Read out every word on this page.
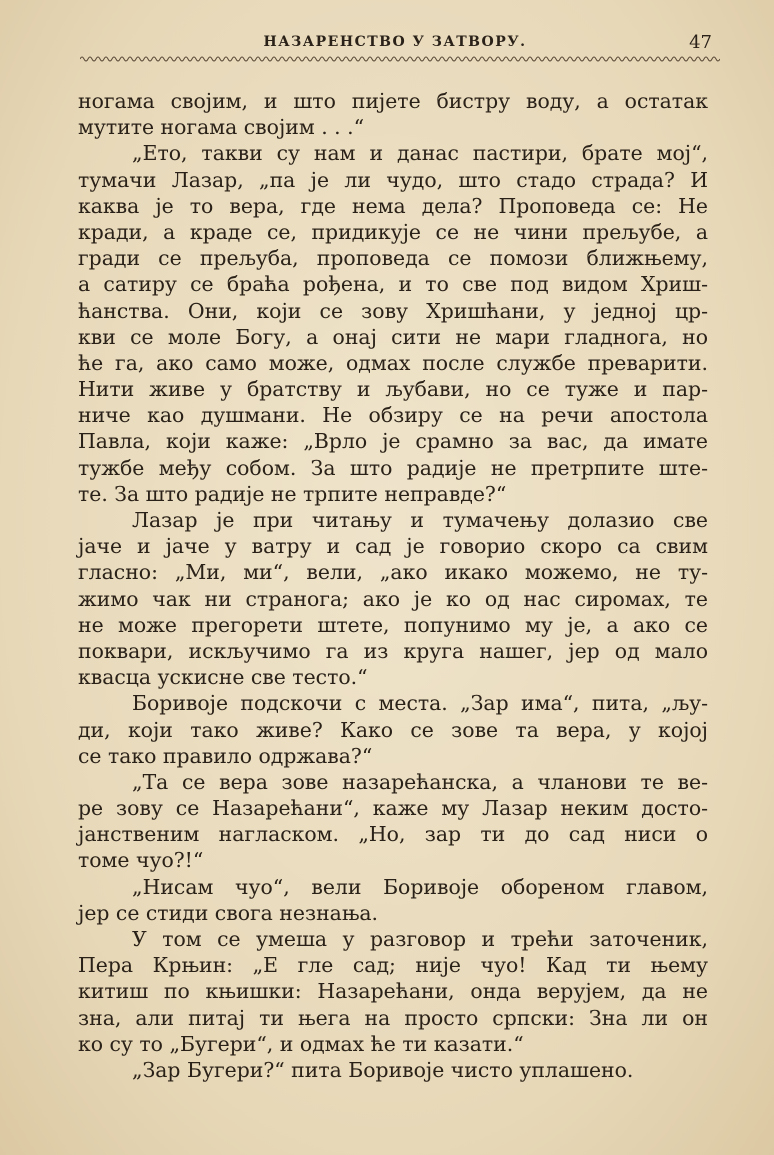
НАЗАРЕНСТВО У ЗАТВОРУ.	47
ногама својим, и што пијете бистру воду, а остатак
мутите ногама својим . . .“
„Ето, такви су нам и данас пастири, брате мој“,
тумачи Лазар, „па је ли чудо, што стадо страда? И
каква је то вера, где нема дела? Проповеда се: Не
кради, а краде се, придикује се не чини прељубе, а
гради се прељуба, проповеда се помози ближњему,
а сатиру се браћа рођена, и то све под видом Хриш-
ћанства. Они, који се зову Хришћани, у једној цр-
кви се моле Богу, а онај сити не мари гладнога, но
ће га, ако само може, одмах после службе преварити.
Нити живе у братству и љубави, но се туже и пар-
ниче као душмани. Не обзиру се на речи апостола
Павла, који каже: „Врло је срамно за вас, да имате
тужбе међу собом. За што радије не претрпите ште-
те. За што радије не трпите неправде?“
Лазар је при читању и тумачењу долазио све
јаче и јаче у ватру и сад је говорио скоро са свим
гласно: „Ми, ми“, вели, „ако икако можемо, не ту-
жимо чак ни странога; ако је ко од нас сиромах, те
не може прегорети штете, попунимо му је, а ако се
поквари, искључимо га из круга нашег, јер од мало
квасца ускисне све тесто.“
Боривоје подскочи с места. „Зар има“, пита, „љу-
ди, који тако живе? Како се зове та вера, у којој
се тако правило одржава?“
„Та се вера зове назарећанска, а чланови те ве-
ре зову се Назарећани“, каже му Лазар неким досто-
јанственим нагласком. „Но, зар ти до сад ниси о
томе чуо?!“
„Нисам чуо“, вели Боривоје обореном главом,
јер се стиди свога незнања.
У том се умеша у разговор и трећи заточеник,
Пера Крњин: „Е гле сад; није чуо! Кад ти њему
китиш по књишки: Назарећани, онда верујем, да не
зна, али питај ти њега на просто српски: Зна ли он
ко су то „Бугери“, и одмах ће ти казати.“
„Зар Бугери?“ пита Боривоје чисто уплашено.
